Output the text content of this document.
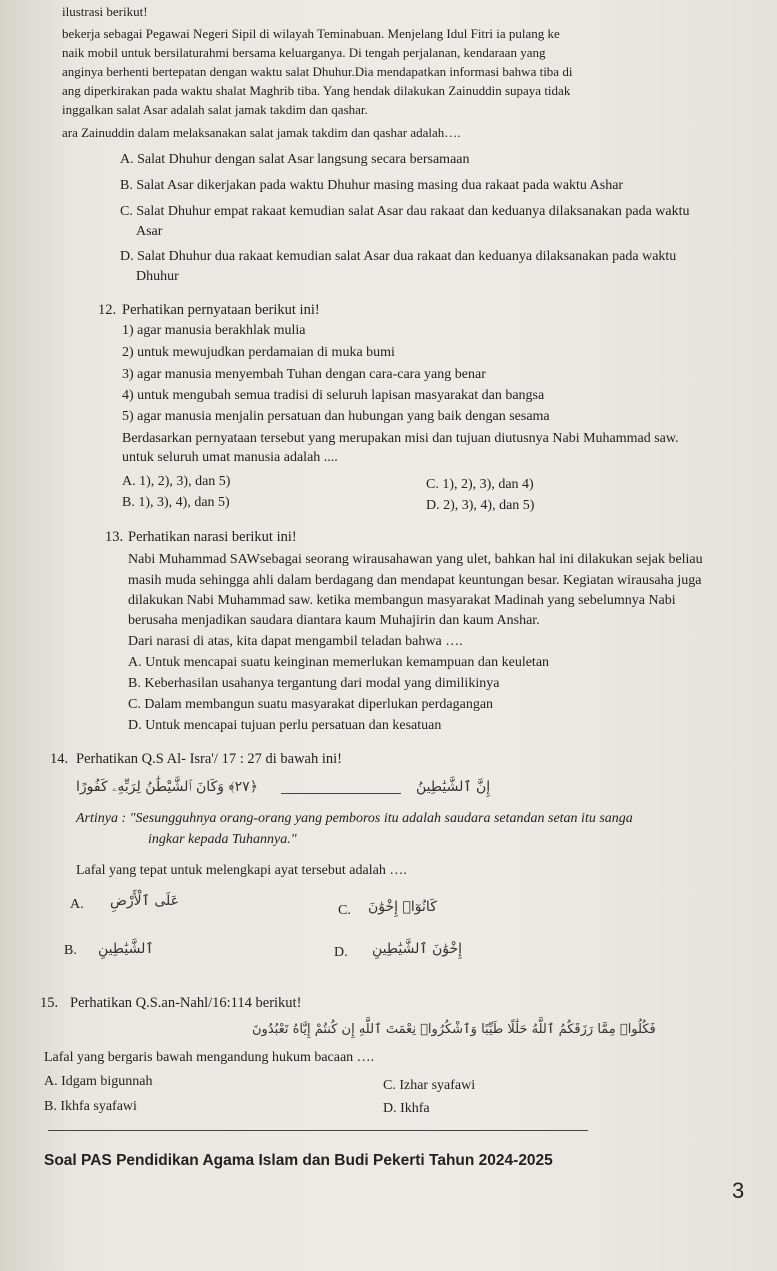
ilustrasi berikut!
bekerja sebagai Pegawai Negeri Sipil di wilayah Teminabuan. Menjelang Idul Fitri ia pulang ke
naik mobil untuk bersilaturahmi bersama keluarganya. Di tengah perjalanan, kendaraan yang
anginya berhenti bertepatan dengan waktu salat Dhuhur.Dia mendapatkan informasi bahwa tiba di
ang diperkirakan pada waktu shalat Maghrib tiba. Yang hendak dilakukan Zainuddin supaya tidak
inggalkan salat Asar adalah salat jamak takdim dan qashar.
ara Zainuddin dalam melaksanakan salat jamak takdim dan qashar adalah….
A. Salat Dhuhur dengan salat Asar langsung secara bersamaan
B. Salat Asar dikerjakan pada waktu Dhuhur masing masing dua rakaat pada waktu Ashar
C. Salat Dhuhur empat rakaat kemudian salat Asar dau rakaat dan keduanya dilaksanakan pada waktu
Asar
D. Salat Dhuhur dua rakaat kemudian salat Asar dua rakaat dan keduanya dilaksanakan pada waktu
Dhuhur
12. Perhatikan pernyataan berikut ini!
1) agar manusia berakhlak mulia
2) untuk mewujudkan perdamaian di muka bumi
3) agar manusia menyembah Tuhan dengan cara-cara yang benar
4) untuk mengubah semua tradisi di seluruh lapisan masyarakat dan bangsa
5) agar manusia menjalin persatuan dan hubungan yang baik dengan sesama
Berdasarkan pernyataan tersebut yang merupakan misi dan tujuan diutusnya Nabi Muhammad saw.
untuk seluruh umat manusia adalah ....
A. 1), 2), 3), dan 5)
B. 1), 3), 4), dan 5)
C. 1), 2), 3), dan 4)
D. 2), 3), 4), dan 5)
13. Perhatikan narasi berikut ini!
Nabi Muhammad SAWsebagai seorang wirausahawan yang ulet, bahkan hal ini dilakukan sejak beliau
masih muda sehingga ahli dalam berdagang dan mendapat keuntungan besar. Kegiatan wirausaha juga
dilakukan Nabi Muhammad saw. ketika membangun masyarakat Madinah yang sebelumnya Nabi
berusaha menjadikan saudara diantara kaum Muhajirin dan kaum Anshar.
Dari narasi di atas, kita dapat mengambil teladan bahwa ….
A. Untuk mencapai suatu keinginan memerlukan kemampuan dan keuletan
B. Keberhasilan usahanya tergantung dari modal yang dimilikinya
C. Dalam membangun suatu masyarakat diperlukan perdagangan
D. Untuk mencapai tujuan perlu persatuan dan kesatuan
14. Perhatikan Q.S Al- Isra'/ 17 : 27 di bawah ini!
إِنَّ ٱلشَّيَٰطِينُ
﴿٢٧﴾ وَكَانَ ٱلشَّيْطَٰنُ لِرَبِّهِۦ كَفُورًا
Artinya : "Sesungguhnya orang-orang yang pemboros itu adalah saudara setandan setan itu sanga
ingkar kepada Tuhannya."
Lafal yang tepat untuk melengkapi ayat tersebut adalah ….
A. عَلَى ٱلْأَرْضِ
C. كَانُوٓا۟ إِخْوَٰنَ
B. ٱلشَّيَٰطِينِ	D. إِخْوَٰنَ ٱلشَّيَٰطِينِ
15. Perhatikan Q.S.an-Nahl/16:114 berikut!
فَكُلُوا۟ مِمَّا رَزَقَكُمُ ٱللَّهُ حَلَٰلًا طَيِّبًا وَٱشْكُرُوا۟ نِعْمَتَ ٱللَّهِ إِن كُنتُمْ إِيَّاهُ تَعْبُدُونَ
Lafal yang bergaris bawah mengandung hukum bacaan ….
A. Idgam bigunnah
B. Ikhfa syafawi
C. Izhar syafawi
D. Ikhfa
Soal PAS Pendidikan Agama Islam dan Budi Pekerti Tahun 2024-2025
3
